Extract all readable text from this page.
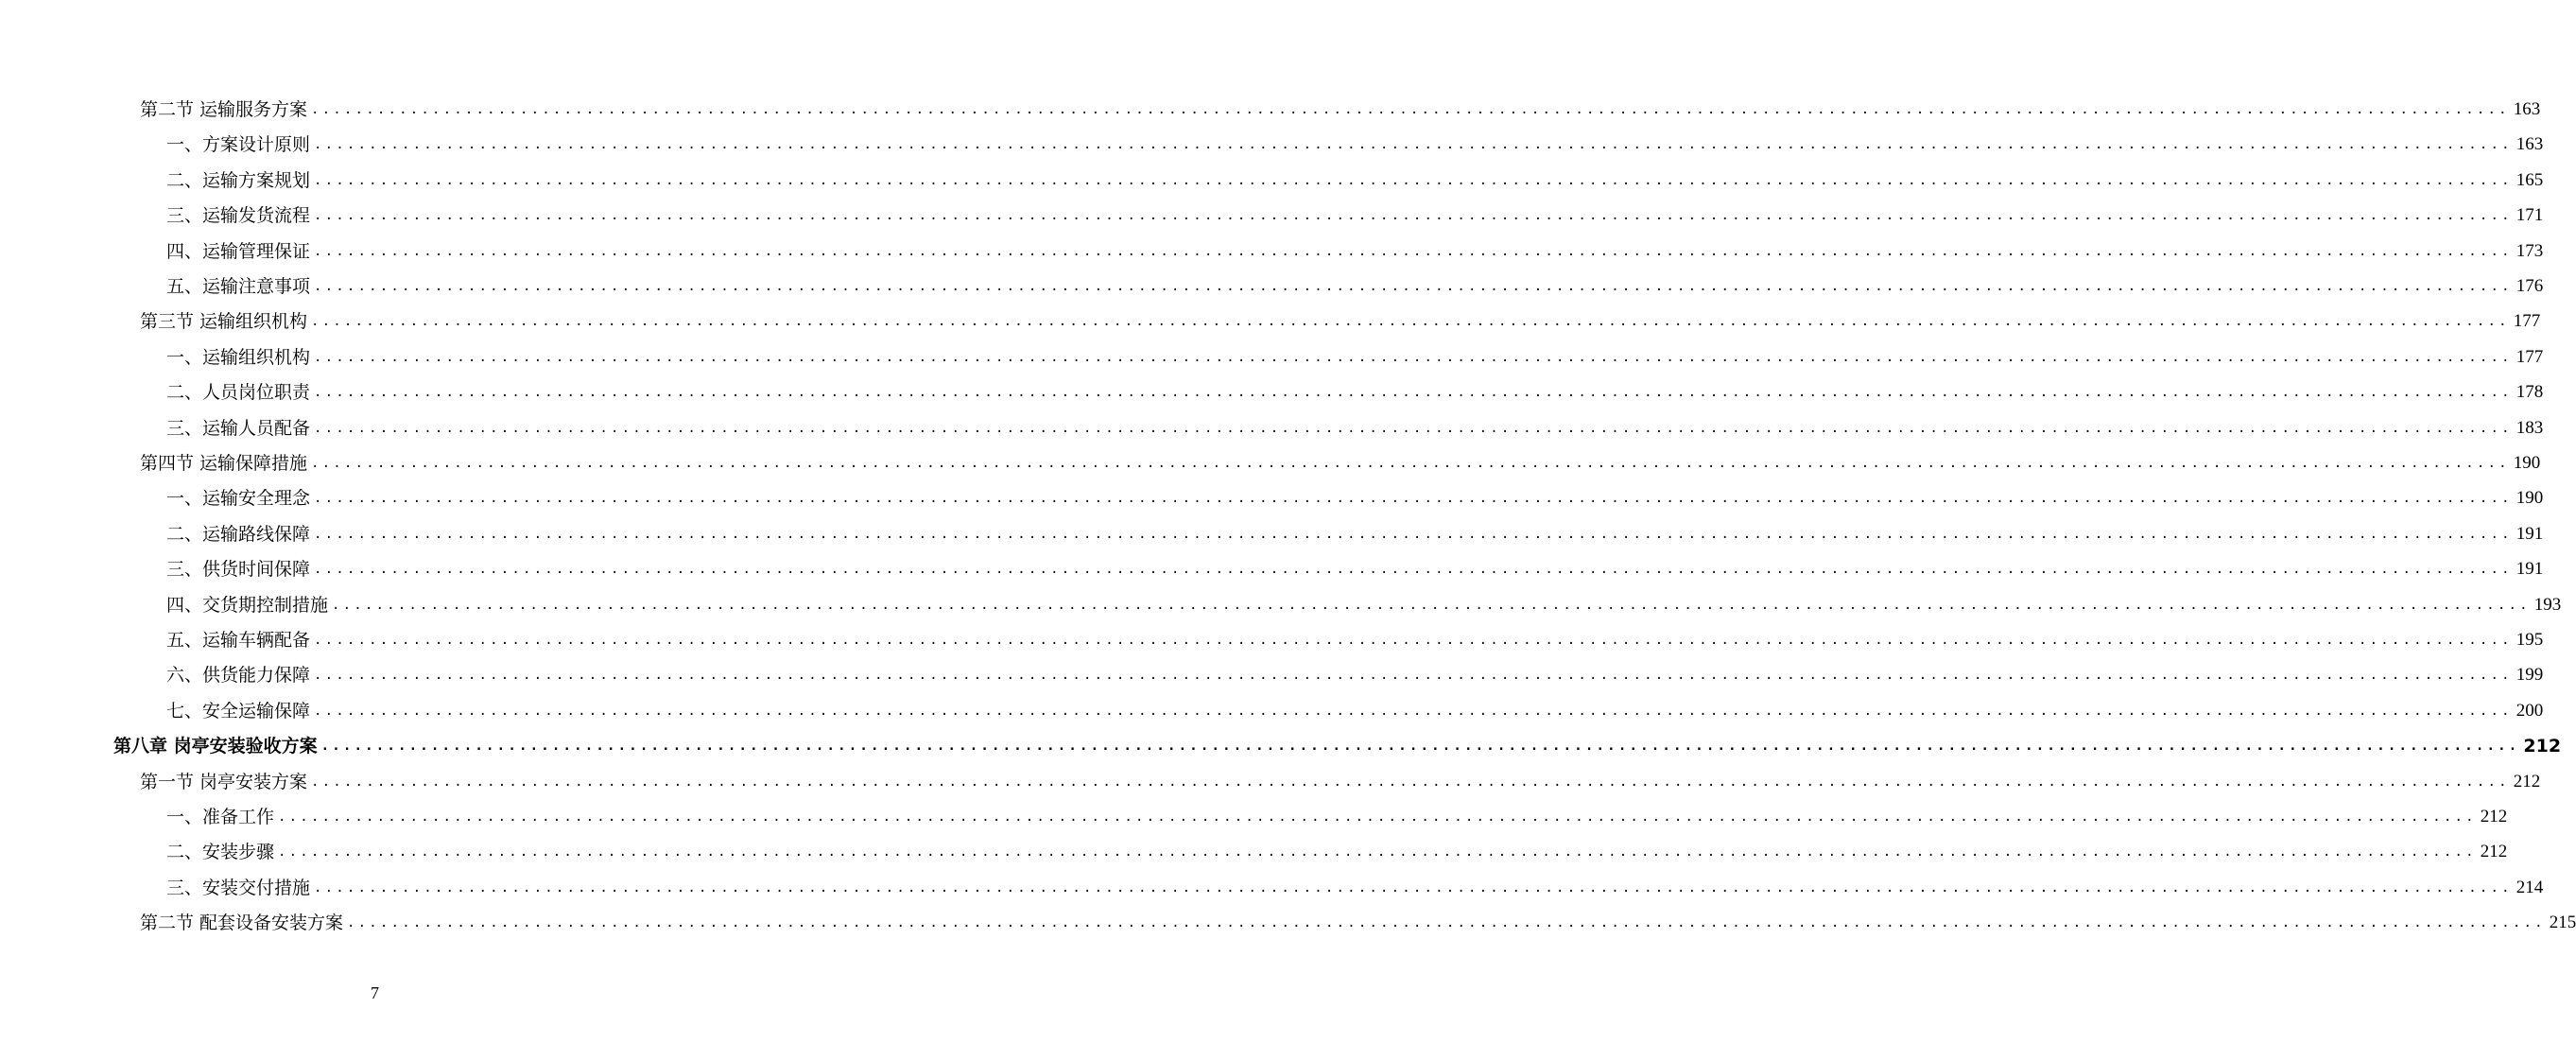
第二节 运输服务方案 ........................................................................................................................................................................................................ 163
一、方案设计原则 ........................................................................................................................................................................................................ 163
二、运输方案规划 ........................................................................................................................................................................................................ 165
三、运输发货流程 ........................................................................................................................................................................................................ 171
四、运输管理保证 ........................................................................................................................................................................................................ 173
五、运输注意事项 ........................................................................................................................................................................................................ 176
第三节 运输组织机构 ........................................................................................................................................................................................................ 177
一、运输组织机构 ........................................................................................................................................................................................................ 177
二、人员岗位职责 ........................................................................................................................................................................................................ 178
三、运输人员配备 ........................................................................................................................................................................................................ 183
第四节 运输保障措施 ........................................................................................................................................................................................................ 190
一、运输安全理念 ........................................................................................................................................................................................................ 190
二、运输路线保障 ........................................................................................................................................................................................................ 191
三、供货时间保障 ........................................................................................................................................................................................................ 191
四、交货期控制措施 ........................................................................................................................................................................................................ 193
五、运输车辆配备 ........................................................................................................................................................................................................ 195
六、供货能力保障 ........................................................................................................................................................................................................ 199
七、安全运输保障 ........................................................................................................................................................................................................ 200
第八章 岗亭安装验收方案 ........................................................................................................................................................................................................ 212
第一节 岗亭安装方案 ........................................................................................................................................................................................................ 212
一、准备工作 ........................................................................................................................................................................................................ 212
二、安装步骤 ........................................................................................................................................................................................................ 212
三、安装交付措施 ........................................................................................................................................................................................................ 214
第二节 配套设备安装方案 ........................................................................................................................................................................................................ 215
7
